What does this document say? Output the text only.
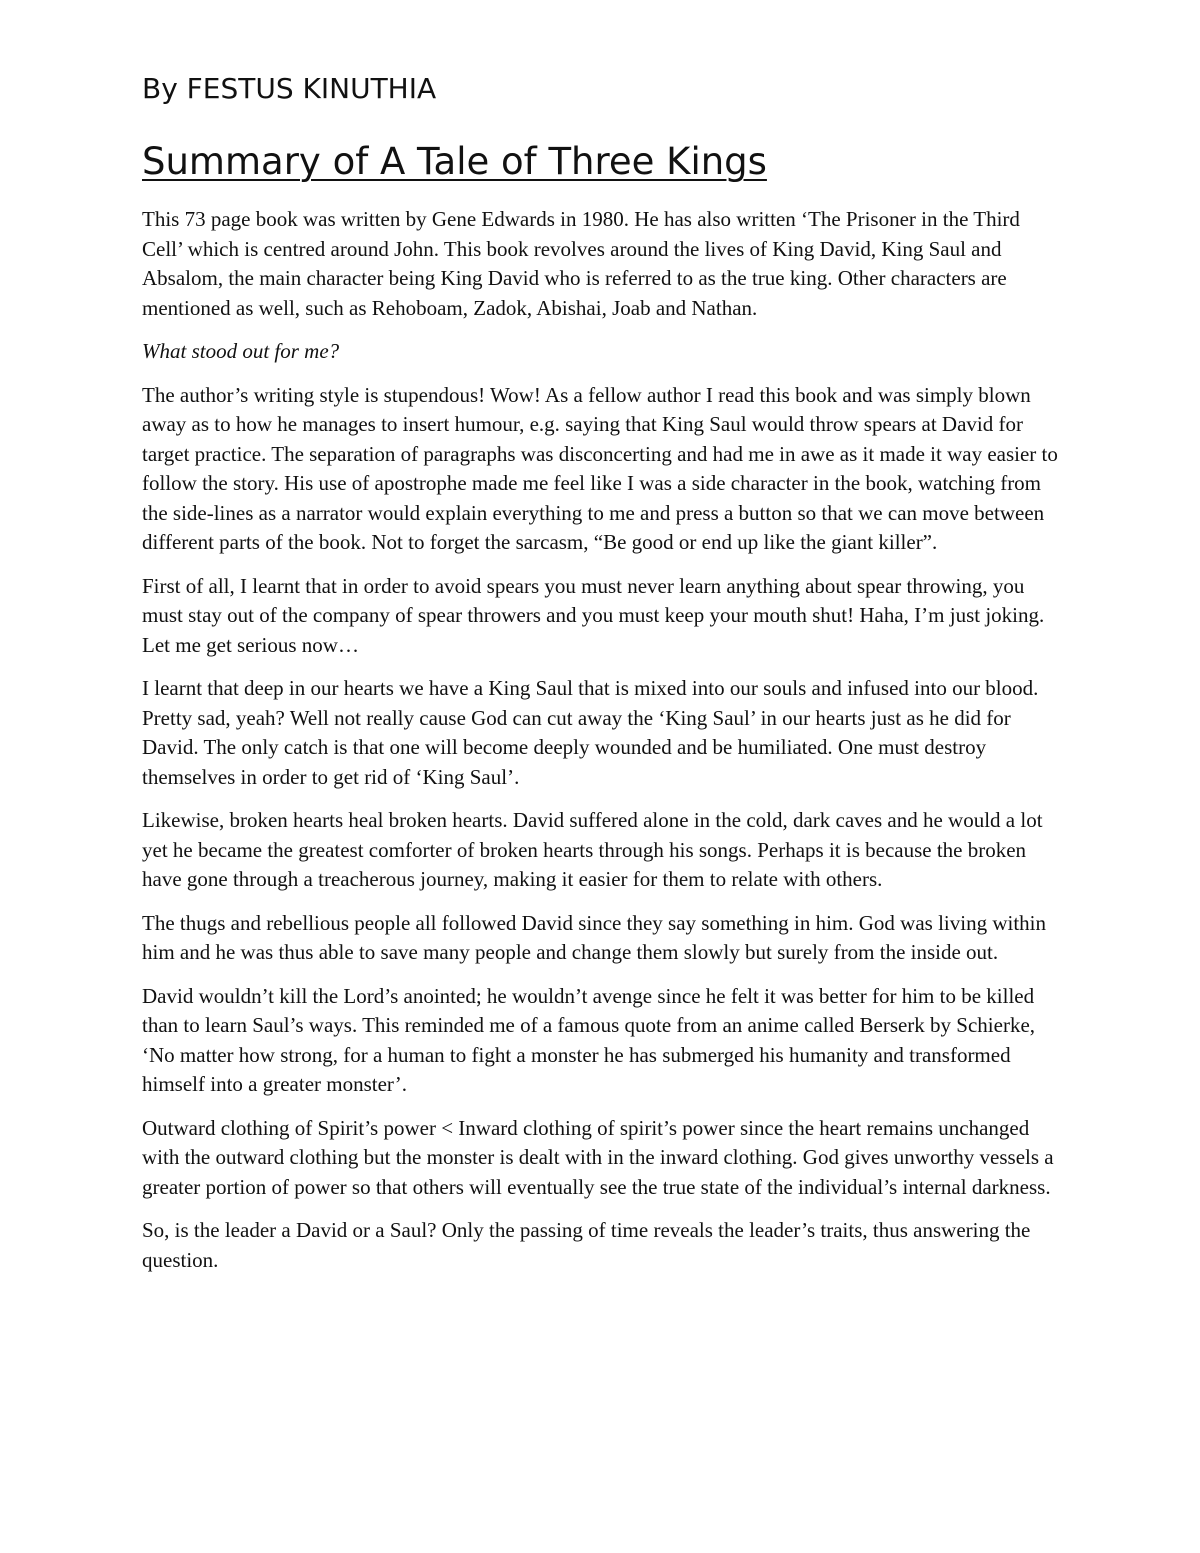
By FESTUS KINUTHIA
Summary of A Tale of Three Kings

This 73 page book was written by Gene Edwards in 1980. He has also written ‘The Prisoner in the Third Cell’ which is centred around John. This book revolves around the lives of King David, King Saul and Absalom, the main character being King David who is referred to as the true king. Other characters are mentioned as well, such as Rehoboam, Zadok, Abishai, Joab and Nathan.

What stood out for me?

The author’s writing style is stupendous! Wow! As a fellow author I read this book and was simply blown away as to how he manages to insert humour, e.g. saying that King Saul would throw spears at David for target practice. The separation of paragraphs was disconcerting and had me in awe as it made it way easier to follow the story. His use of apostrophe made me feel like I was a side character in the book, watching from the side-lines as a narrator would explain everything to me and press a button so that we can move between different parts of the book. Not to forget the sarcasm, “Be good or end up like the giant killer”.

First of all, I learnt that in order to avoid spears you must never learn anything about spear throwing, you must stay out of the company of spear throwers and you must keep your mouth shut! Haha, I’m just joking. Let me get serious now…

I learnt that deep in our hearts we have a King Saul that is mixed into our souls and infused into our blood. Pretty sad, yeah? Well not really cause God can cut away the ‘King Saul’ in our hearts just as he did for David. The only catch is that one will become deeply wounded and be humiliated. One must destroy themselves in order to get rid of ‘King Saul’.

Likewise, broken hearts heal broken hearts. David suffered alone in the cold, dark caves and he would a lot yet he became the greatest comforter of broken hearts through his songs. Perhaps it is because the broken have gone through a treacherous journey, making it easier for them to relate with others.

The thugs and rebellious people all followed David since they say something in him. God was living within him and he was thus able to save many people and change them slowly but surely from the inside out.

David wouldn’t kill the Lord’s anointed; he wouldn’t avenge since he felt it was better for him to be killed than to learn Saul’s ways. This reminded me of a famous quote from an anime called Berserk by Schierke, ‘No matter how strong, for a human to fight a monster he has submerged his humanity and transformed himself into a greater monster’.

Outward clothing of Spirit’s power < Inward clothing of spirit’s power since the heart remains unchanged with the outward clothing but the monster is dealt with in the inward clothing. God gives unworthy vessels a greater portion of power so that others will eventually see the true state of the individual’s internal darkness.

So, is the leader a David or a Saul? Only the passing of time reveals the leader’s traits, thus answering the question.
